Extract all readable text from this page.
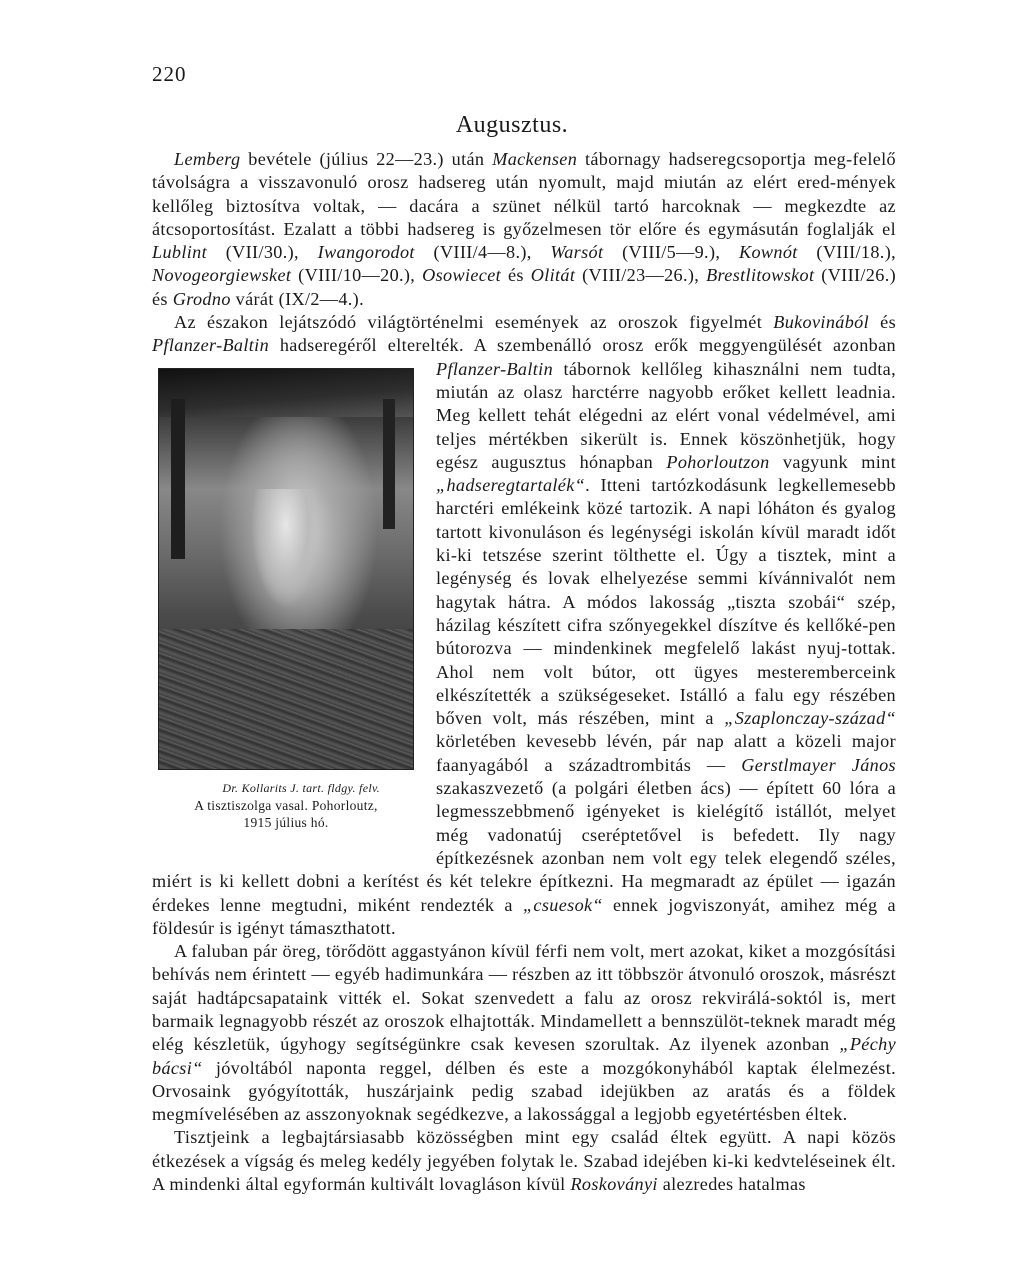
220
Augusztus.

Lemberg bevétele (július 22—23.) után Mackensen tábornagy hadseregcsoportja meg‑felelő távolságra a visszavonuló orosz hadsereg után nyomult, majd miután az elért ered‑mények kellőleg biztosítva voltak, — dacára a szünet nélkül tartó harcoknak — megkezdte az átcsoportosítást. Ezalatt a többi hadsereg is győzelmesen tör előre és egymásután foglalják el Lublint (VII/30.), Iwangorodot (VIII/4—8.), Warsót (VIII/5—9.), Kownót (VIII/18.), Novogeorgiewsket (VIII/10—20.), Osowiecet és Olitát (VIII/23—26.), Brestlitowskot (VIII/26.) és Grodno várát (IX/2—4.).

Az északon lejátszódó világtörténelmi események az oroszok figyelmét Bukovinából és Pflanzer-Baltin hadseregéről elterelték. A szembenálló orosz erők meggyengülését azonban
Dr. Kollarits J. tart. fldgy. felv.
A tisztiszolga vasal. Pohorloutz,
1915 július hó.
Pflanzer-Baltin tábornok kellőleg kihasználni nem tudta, miután az olasz harctérre nagyobb erőket kellett leadnia. Meg kellett tehát elégedni az elért vonal védelmével, ami teljes mértékben sikerült is. Ennek köszönhetjük, hogy egész augusztus hónapban Pohorloutzon vagyunk mint „hadseregtartalék“. Itteni tartózkodásunk legkellemesebb harctéri emlékeink közé tartozik. A napi lóháton és gyalog tartott kivonuláson és legénységi iskolán kívül maradt időt ki-ki tetszése szerint tölthette el. Úgy a tisztek, mint a legénység és lovak elhelyezése semmi kívánnivalót nem hagytak hátra. A módos lakosság „tiszta szobái“ szép, házilag készített cifra szőnyegekkel díszítve és kellőké‑pen bútorozva — mindenkinek megfelelő lakást nyuj‑tottak. Ahol nem volt bútor, ott ügyes mesteremberceink elkészítették a szükségeseket. Istálló a falu egy részében bőven volt, más részében, mint a „Szaplonczay-század“ körletében kevesebb lévén, pár nap alatt a közeli major faanyagából a századtrombitás — Gerstlmayer János szakaszvezető (a polgári életben ács) — épített 60 lóra a legmesszebbmenő igényeket is kielégítő istállót, melyet még vadonatúj cseréptetővel is befedett. Ily nagy építkezésnek azonban nem volt egy telek elegendő széles, miért is ki kellett dobni a kerítést és két telekre építkezni. Ha megmaradt az épület — igazán érdekes lenne megtudni, miként rendezték a „csuesok“ ennek jogviszonyát, amihez még a földesúr is igényt támaszthatott.

A faluban pár öreg, törődött aggastyánon kívül férfi nem volt, mert azokat, kiket a mozgósítási behívás nem érintett — egyéb hadimunkára — részben az itt többször átvonuló oroszok, másrészt saját hadtápcsapataink vitték el. Sokat szenvedett a falu az orosz rekvirálá‑soktól is, mert barmaik legnagyobb részét az oroszok elhajtották. Mindamellett a bennszülöt‑teknek maradt még elég készletük, úgyhogy segítségünkre csak kevesen szorultak. Az ilyenek azonban „Péchy bácsi“ jóvoltából naponta reggel, délben és este a mozgókonyhából kaptak élelmezést. Orvosaink gyógyították, huszárjaink pedig szabad idejükben az aratás és a földek megmívelésében az asszonyoknak segédkezve, a lakossággal a legjobb egyetértésben éltek.

Tisztjeink a legbajtársiasabb közösségben mint egy család éltek együtt. A napi közös étkezések a vígság és meleg kedély jegyében folytak le. Szabad idejében ki-ki kedvteléseinek élt. A mindenki által egyformán kultivált lovagláson kívül Roskoványi alezredes hatalmas
